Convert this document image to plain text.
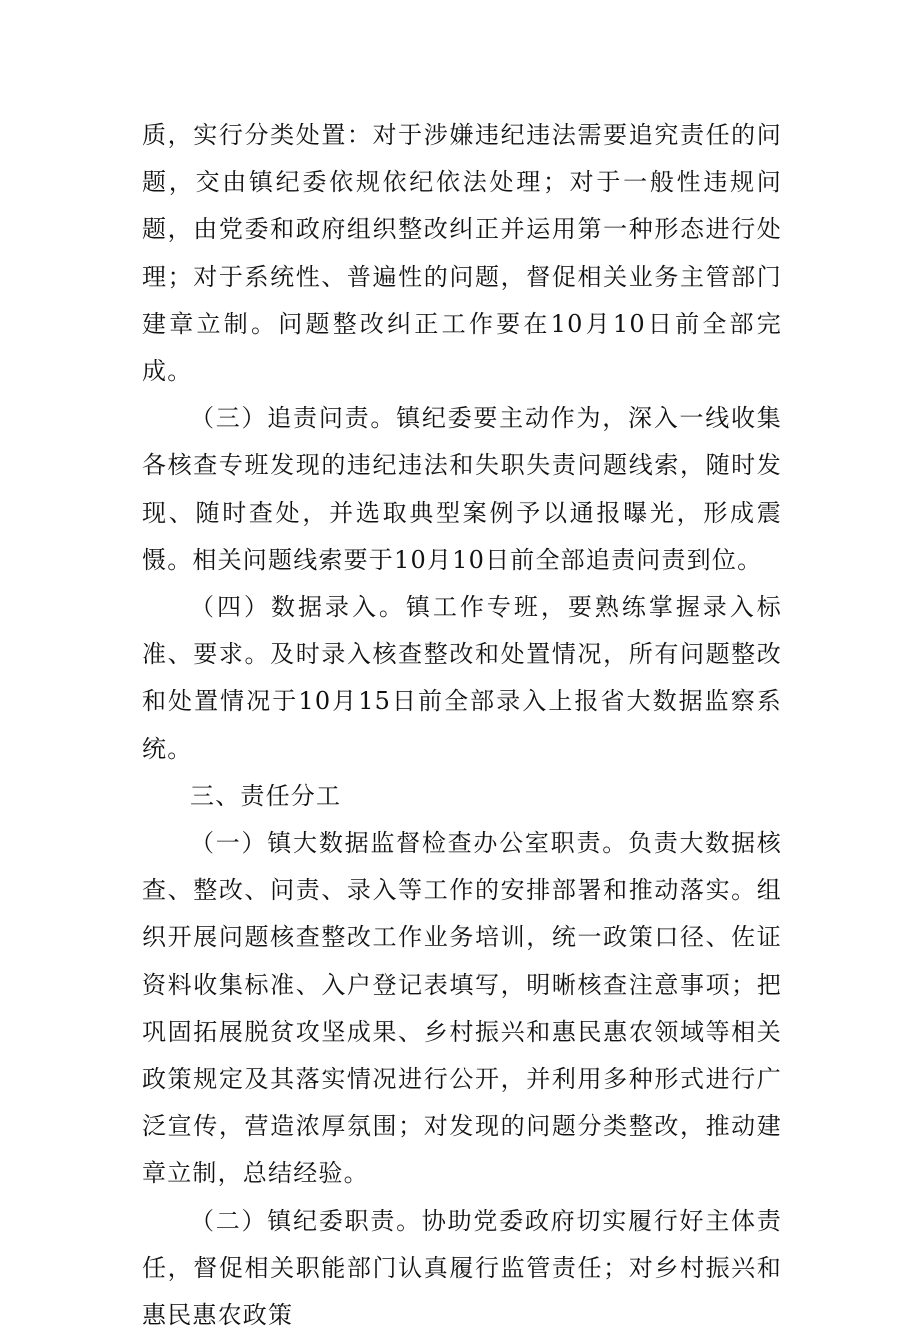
质，实行分类处置：对于涉嫌违纪违法需要追究责任的问题，交由镇纪委依规依纪依法处理；对于一般性违规问题，由党委和政府组织整改纠正并运用第一种形态进行处理；对于系统性、普遍性的问题，督促相关业务主管部门建章立制。问题整改纠正工作要在10月10日前全部完成。

（三）追责问责。镇纪委要主动作为，深入一线收集各核查专班发现的违纪违法和失职失责问题线索，随时发现、随时查处，并选取典型案例予以通报曝光，形成震慑。相关问题线索要于10月10日前全部追责问责到位。

（四）数据录入。镇工作专班，要熟练掌握录入标准、要求。及时录入核查整改和处置情况，所有问题整改和处置情况于10月15日前全部录入上报省大数据监察系统。

三、责任分工

（一）镇大数据监督检查办公室职责。负责大数据核查、整改、问责、录入等工作的安排部署和推动落实。组织开展问题核查整改工作业务培训，统一政策口径、佐证资料收集标准、入户登记表填写，明晰核查注意事项；把巩固拓展脱贫攻坚成果、乡村振兴和惠民惠农领域等相关政策规定及其落实情况进行公开，并利用多种形式进行广泛宣传，营造浓厚氛围；对发现的问题分类整改，推动建章立制，总结经验。

（二）镇纪委职责。协助党委政府切实履行好主体责任，督促相关职能部门认真履行监管责任；对乡村振兴和惠民惠农政策
